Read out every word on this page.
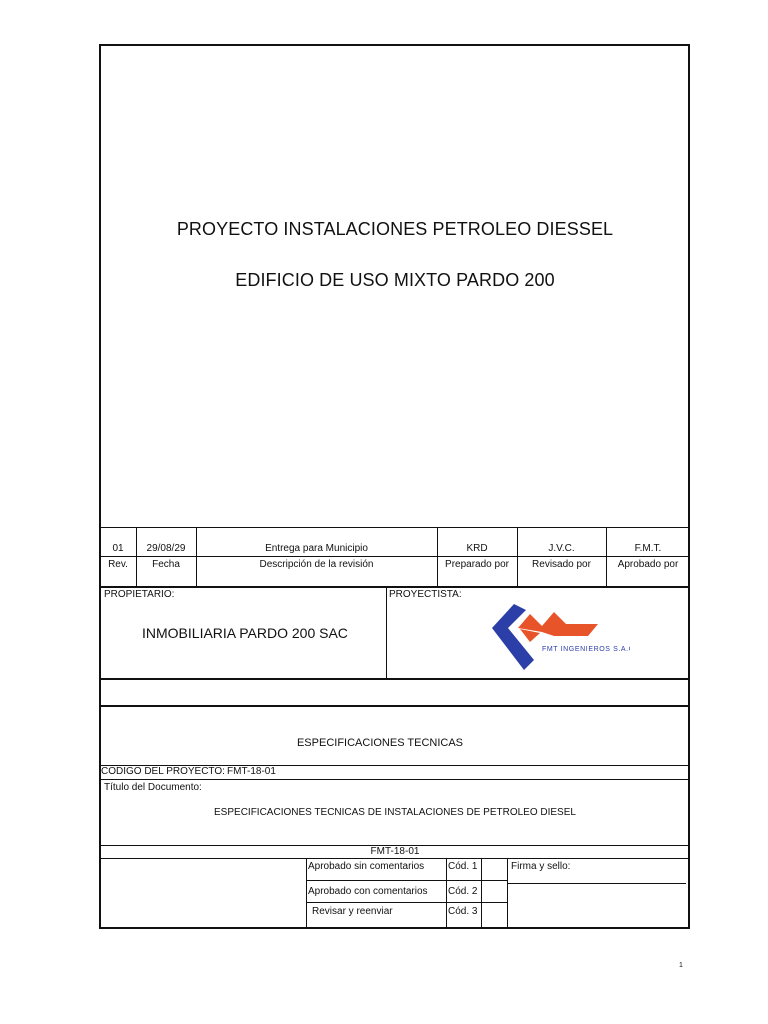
PROYECTO INSTALACIONES PETROLEO DIESSEL
EDIFICIO DE USO MIXTO PARDO 200
01	29/08/29	Entrega para Municipio	KRD	J.V.C.	F.M.T.
Rev.	Fecha	Descripción de la revisión	Preparado por	Revisado por	Aprobado por
PROPIETARIO:
INMOBILIARIA PARDO 200 SAC
PROYECTISTA:
FMT INGENIEROS S.A.C
ESPECIFICACIONES TECNICAS
CODIGO DEL PROYECTO: FMT-18-01
Título del Documento:
ESPECIFICACIONES TECNICAS DE INSTALACIONES DE PETROLEO DIESEL
FMT-18-01
Aprobado sin comentarios Cód. 1
Aprobado con comentarios Cód. 2
Revisar y reenviar	Cód. 3
Firma y sello:
1
